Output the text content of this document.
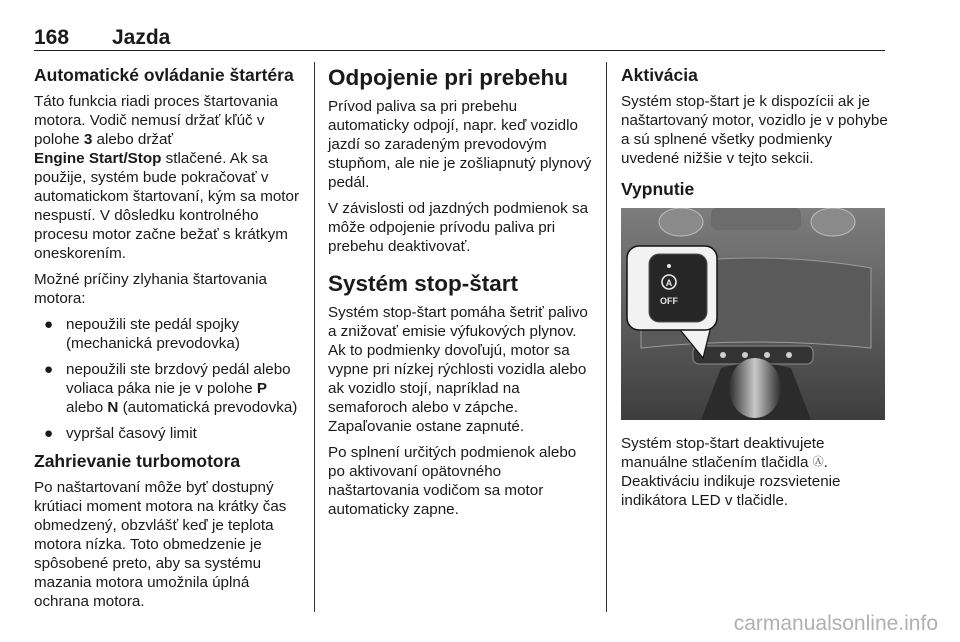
168 Jazda
Automatické ovládanie štartéra

Táto funkcia riadi proces štartovania motora. Vodič nemusí držať kľúč v polohe 3 alebo držať
Engine Start/Stop stlačené. Ak sa použije, systém bude pokračovať v automatickom štartovaní, kým sa motor nespustí. V dôsledku kontrolného procesu motor začne bežať s krátkym oneskorením.

Možné príčiny zlyhania štartovania motora:

● nepoužili ste pedál spojky (mechanická prevodovka)
● nepoužili ste brzdový pedál alebo voliaca páka nie je v polohe P
alebo N (automatická prevodovka)
● vypršal časový limit
Zahrievanie turbomotora

Po naštartovaní môže byť dostupný krútiaci moment motora na krátky čas obmedzený, obzvlášť keď je teplota motora nízka. Toto obmedzenie je spôsobené preto, aby sa systému mazania motora umožnila úplná ochrana motora.

Odpojenie pri prebehu

Prívod paliva sa pri prebehu automaticky odpojí, napr. keď vozidlo jazdí so zaradeným prevodovým stupňom, ale nie je zošliapnutý plynový pedál.

V závislosti od jazdných podmienok sa môže odpojenie prívodu paliva pri prebehu deaktivovať.

Systém stop-štart

Systém stop-štart pomáha šetriť palivo a znižovať emisie výfukových plynov. Ak to podmienky dovoľujú, motor sa vypne pri nízkej rýchlosti vozidla alebo ak vozidlo stojí, napríklad na semaforoch alebo v zápche. Zapaľovanie ostane zapnuté.

Po splnení určitých podmienok alebo po aktivovaní opätovného naštartovania vodičom sa motor automaticky zapne.

Aktivácia

Systém stop-štart je k dispozícii ak je naštartovaný motor, vozidlo je v pohybe a sú splnené všetky podmienky uvedené nižšie v tejto sekcii.

Vypnutie
A
OFF

Systém stop-štart deaktivujete manuálne stlačením tlačidla Ⓐ.
Deaktiváciu indikuje rozsvietenie indikátora LED v tlačidle.

carmanualsonline.info
